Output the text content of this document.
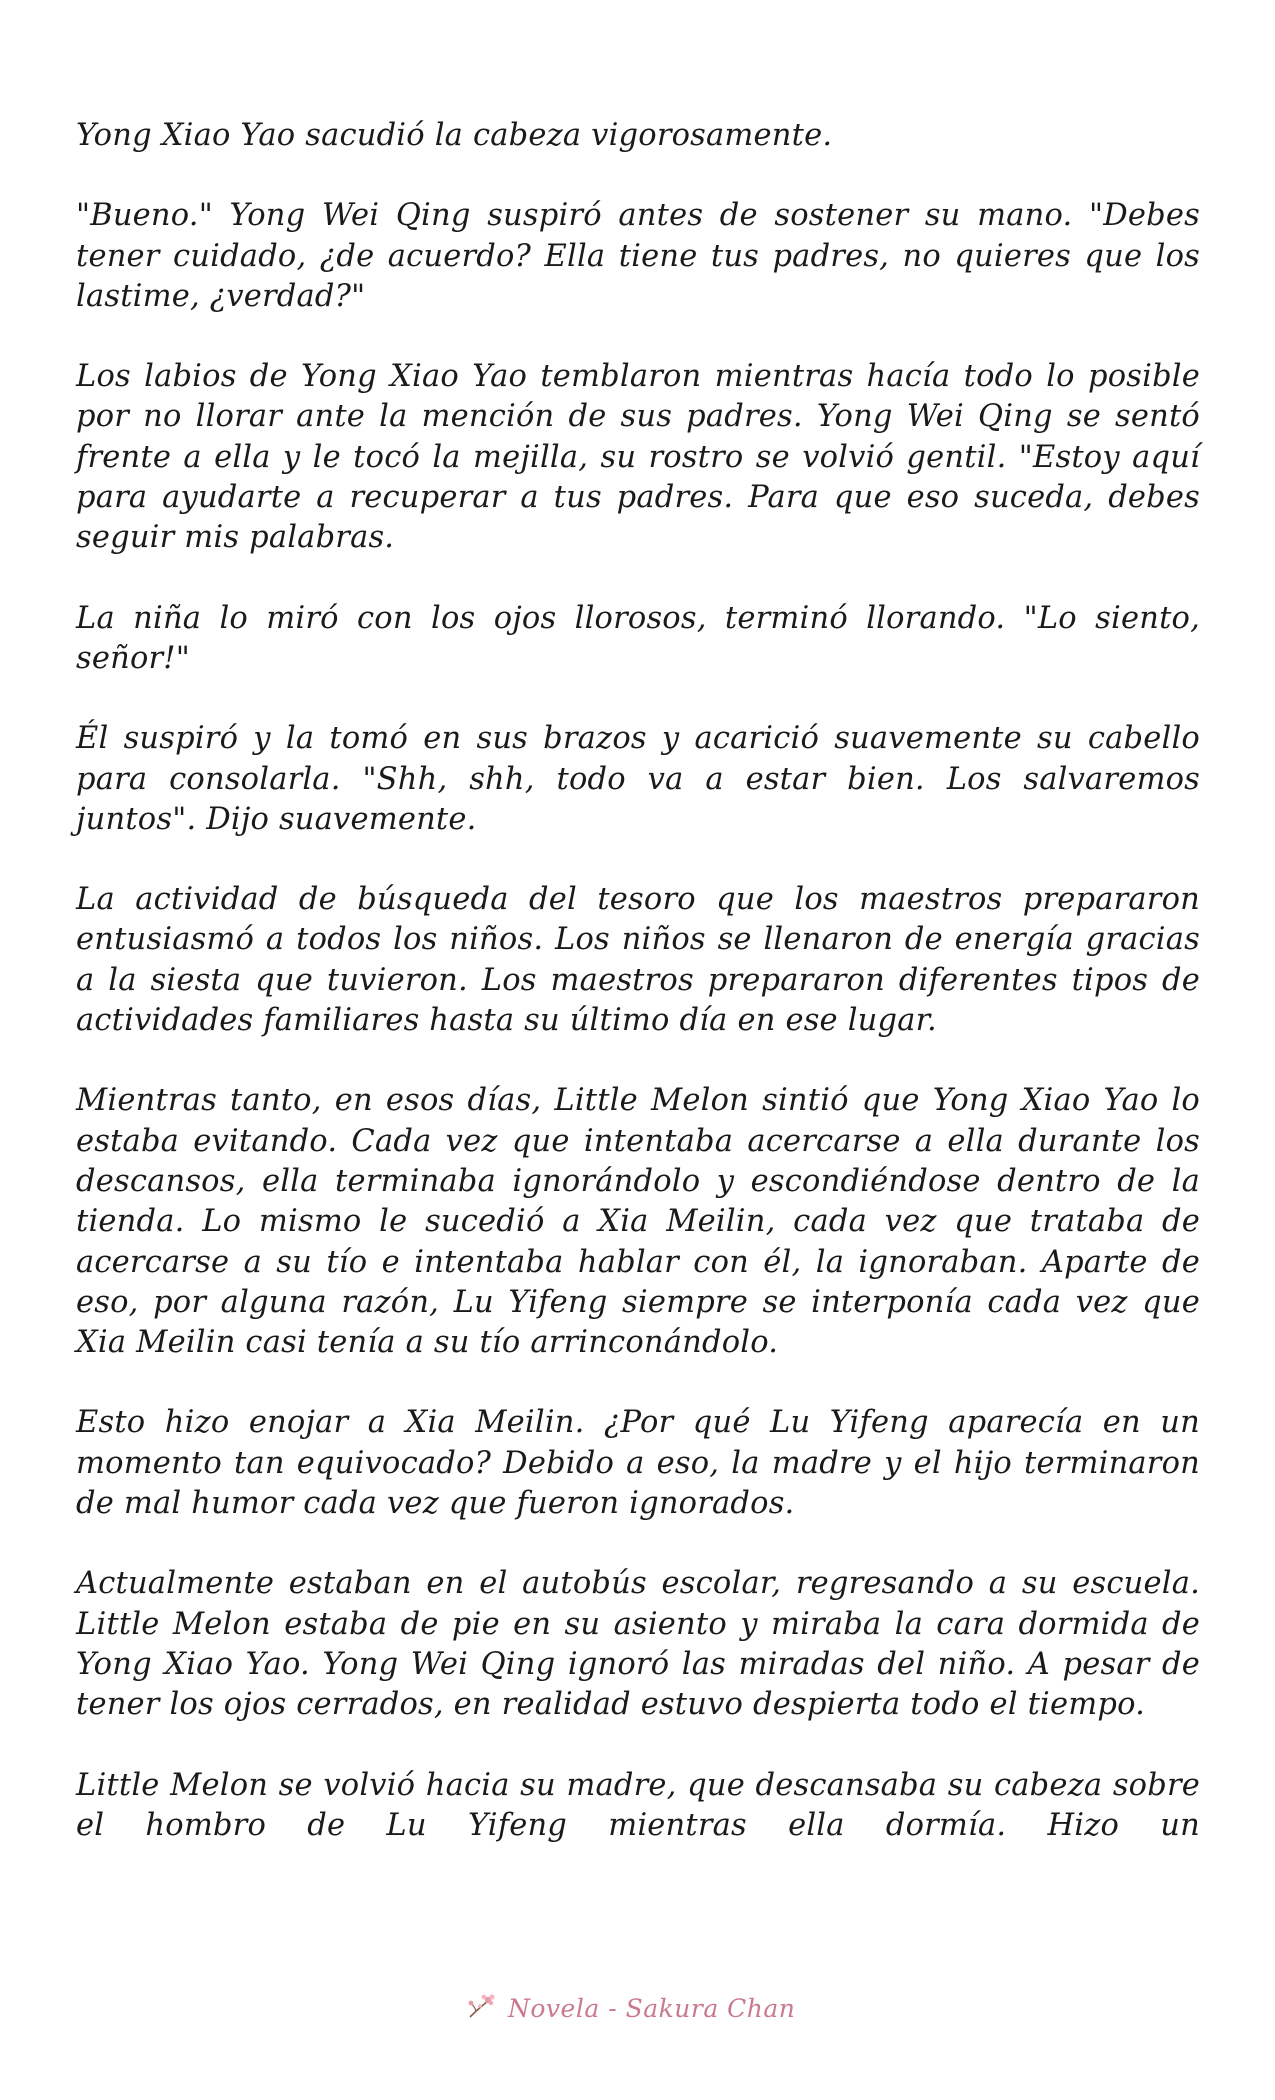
Yong Xiao Yao sacudió la cabeza vigorosamente.

"Bueno." Yong Wei Qing suspiró antes de sostener su mano. "Debes tener cuidado, ¿de acuerdo? Ella tiene tus padres, no quieres que los lastime, ¿verdad?"

Los labios de Yong Xiao Yao temblaron mientras hacía todo lo posible por no llorar ante la mención de sus padres. Yong Wei Qing se sentó frente a ella y le tocó la mejilla, su rostro se volvió gentil. "Estoy aquí para ayudarte a recuperar a tus padres. Para que eso suceda, debes seguir mis palabras.

La niña lo miró con los ojos llorosos, terminó llorando. "Lo siento, señor!"

Él suspiró y la tomó en sus brazos y acarició suavemente su cabello para consolarla. "Shh, shh, todo va a estar bien. Los salvaremos juntos". Dijo suavemente.

La actividad de búsqueda del tesoro que los maestros prepararon entusiasmó a todos los niños. Los niños se llenaron de energía gracias a la siesta que tuvieron. Los maestros prepararon diferentes tipos de actividades familiares hasta su último día en ese lugar.

Mientras tanto, en esos días, Little Melon sintió que Yong Xiao Yao lo estaba evitando. Cada vez que intentaba acercarse a ella durante los descansos, ella terminaba ignorándolo y escondiéndose dentro de la tienda. Lo mismo le sucedió a Xia Meilin, cada vez que trataba de acercarse a su tío e intentaba hablar con él, la ignoraban. Aparte de eso, por alguna razón, Lu Yifeng siempre se interponía cada vez que Xia Meilin casi tenía a su tío arrinconándolo.

Esto hizo enojar a Xia Meilin. ¿Por qué Lu Yifeng aparecía en un momento tan equivocado? Debido a eso, la madre y el hijo terminaron de mal humor cada vez que fueron ignorados.

Actualmente estaban en el autobús escolar, regresando a su escuela. Little Melon estaba de pie en su asiento y miraba la cara dormida de Yong Xiao Yao. Yong Wei Qing ignoró las miradas del niño. A pesar de tener los ojos cerrados, en realidad estuvo despierta todo el tiempo.

Little Melon se volvió hacia su madre, que descansaba su cabeza sobre el hombro de Lu Yifeng mientras ella dormía. Hizo un

Novela - Sakura Chan
